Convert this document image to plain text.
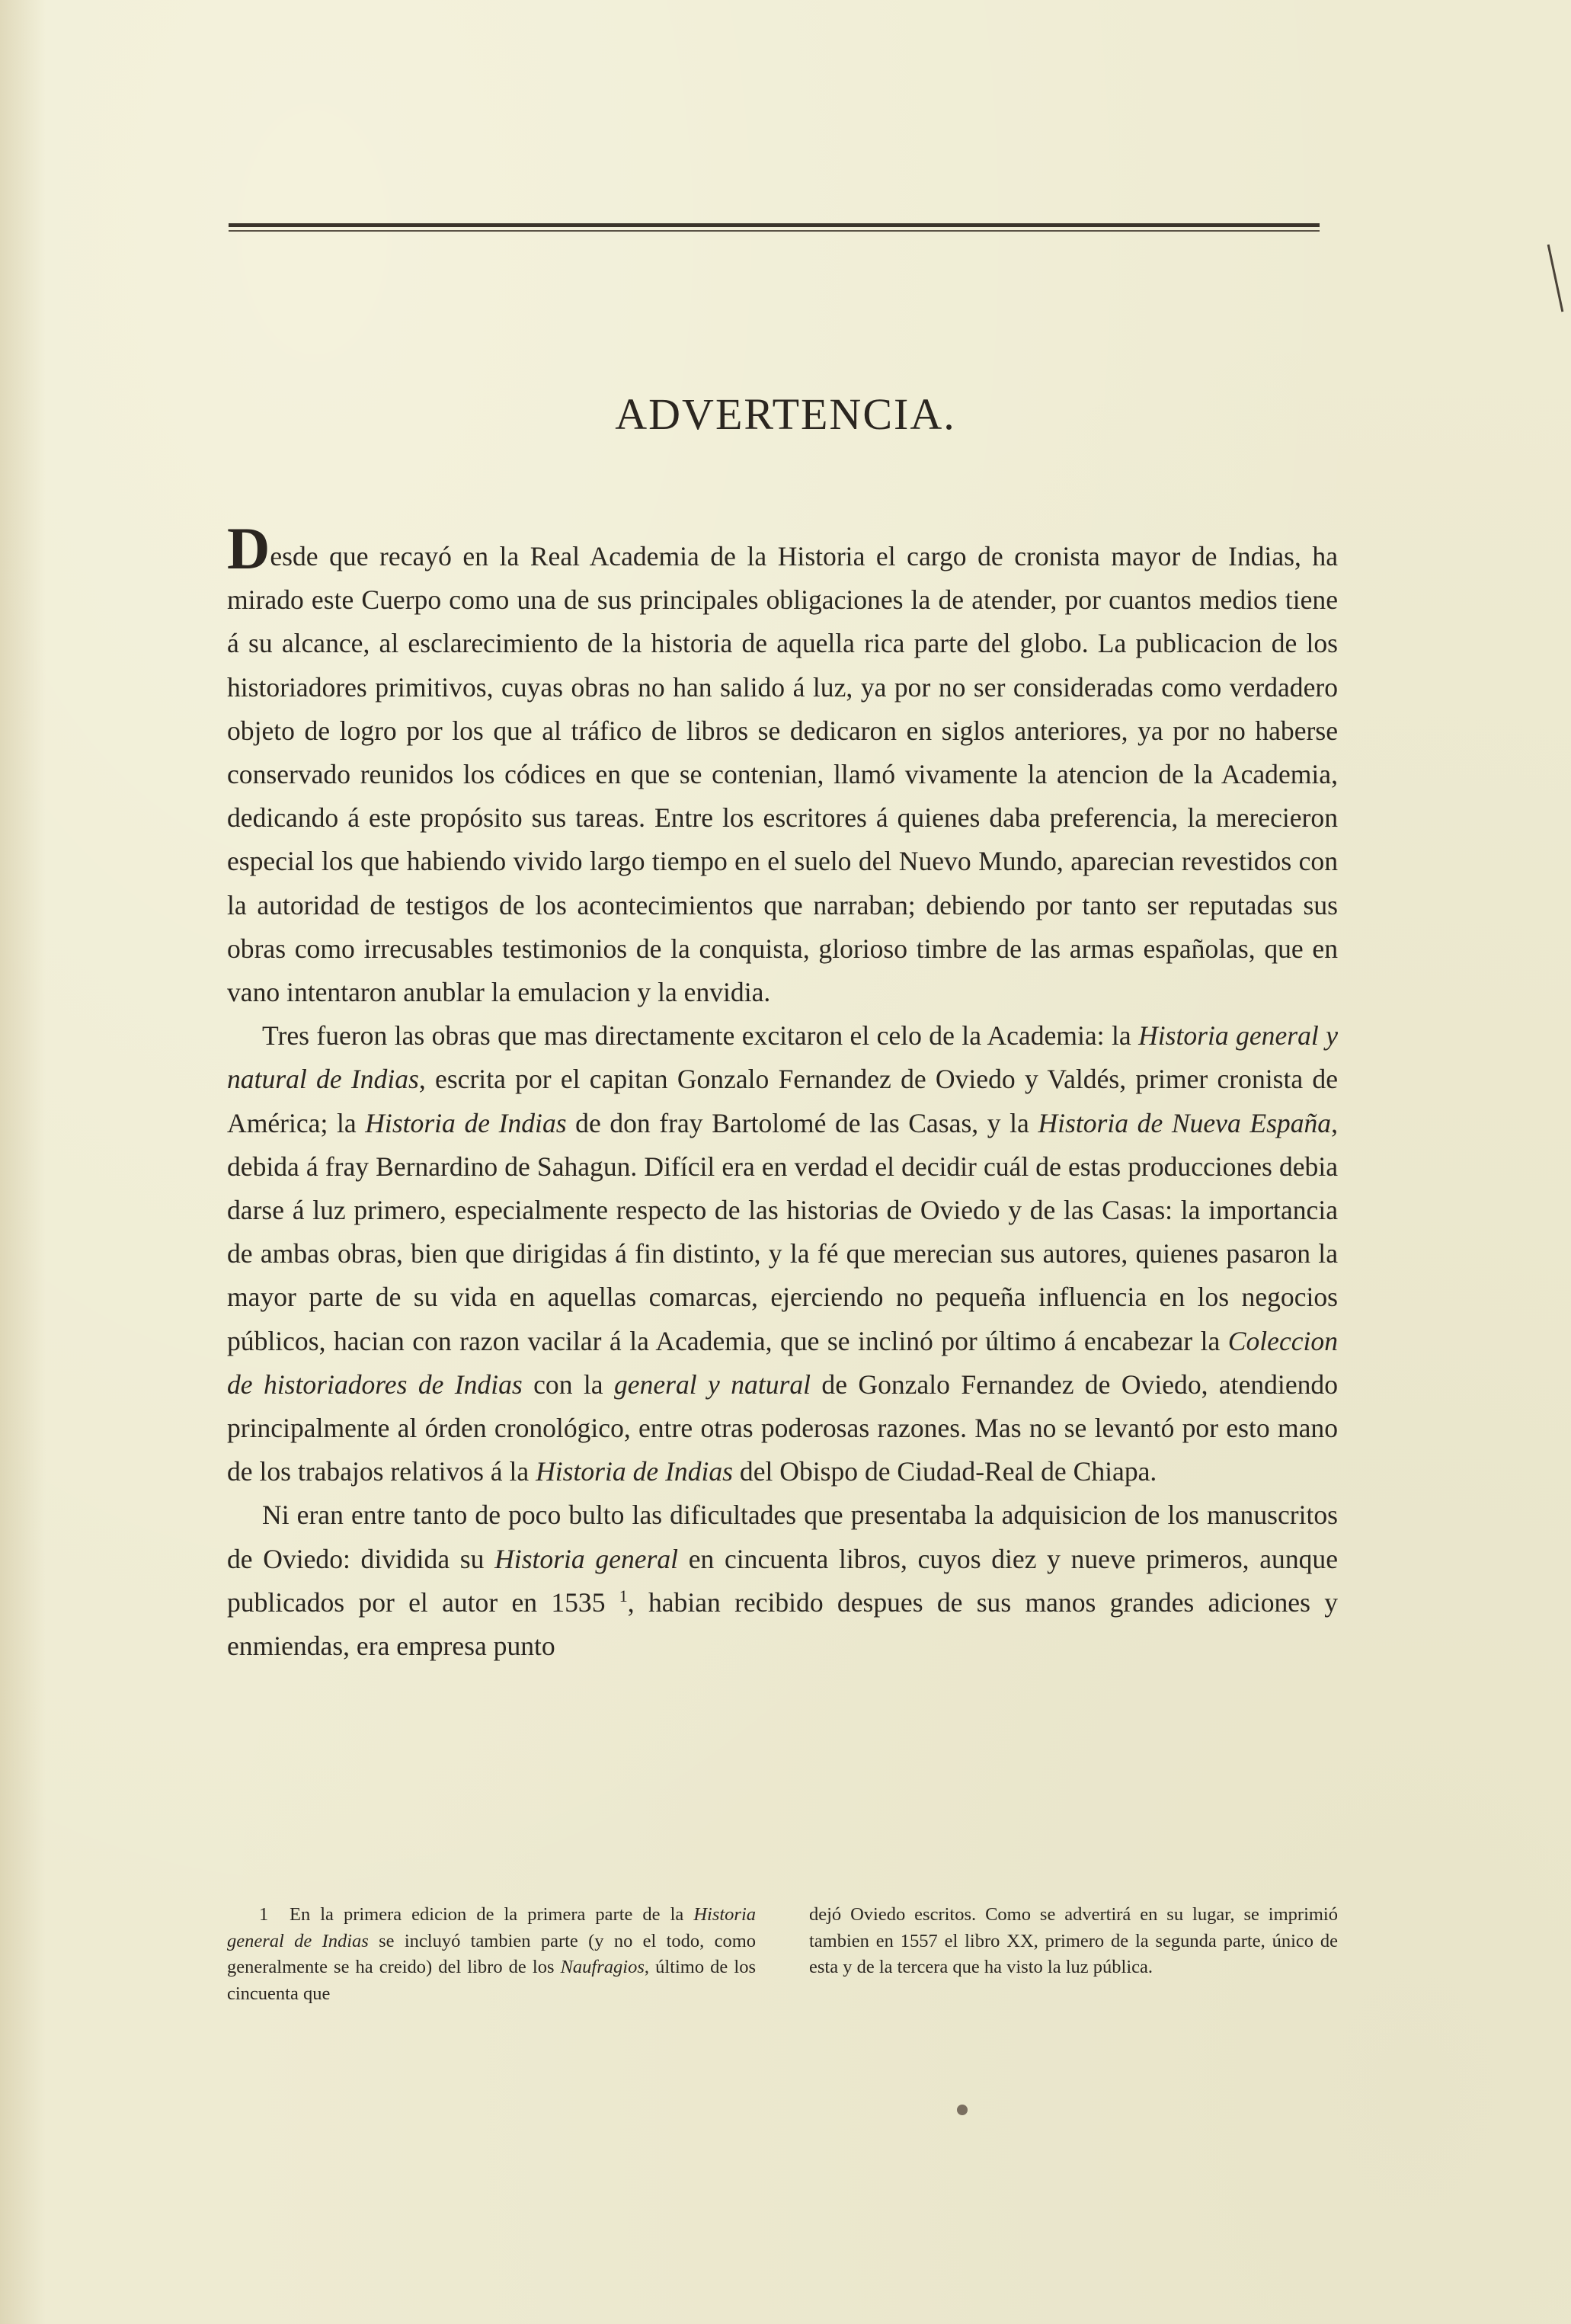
ADVERTENCIA.

Desde que recayó en la Real Academia de la Historia el cargo de cronista mayor de Indias, ha mirado este Cuerpo como una de sus principales obligaciones la de atender, por cuantos medios tiene á su alcance, al esclarecimiento de la historia de aquella rica parte del globo. La publicacion de los historiadores primitivos, cuyas obras no han salido á luz, ya por no ser consideradas como verdadero objeto de logro por los que al tráfico de libros se dedicaron en siglos anteriores, ya por no haberse conservado reunidos los códices en que se contenian, llamó vivamente la atencion de la Academia, dedicando á este propósito sus tareas. Entre los escritores á quienes daba preferencia, la merecieron especial los que habiendo vivido largo tiempo en el suelo del Nuevo Mundo, aparecian revestidos con la autoridad de testigos de los acontecimientos que narraban; debiendo por tanto ser reputadas sus obras como irrecusables testimonios de la conquista, glorioso timbre de las armas españolas, que en vano intentaron anublar la emulacion y la envidia.

Tres fueron las obras que mas directamente excitaron el celo de la Academia: la Historia general y natural de Indias, escrita por el capitan Gonzalo Fernandez de Oviedo y Valdés, primer cronista de América; la Historia de Indias de don fray Bartolomé de las Casas, y la Historia de Nueva España, debida á fray Bernardino de Sahagun. Difícil era en verdad el decidir cuál de estas producciones debia darse á luz primero, especialmente respecto de las historias de Oviedo y de las Casas: la importancia de ambas obras, bien que dirigidas á fin distinto, y la fé que merecian sus autores, quienes pasaron la mayor parte de su vida en aquellas comarcas, ejerciendo no pequeña influencia en los negocios públicos, hacian con razon vacilar á la Academia, que se inclinó por último á encabezar la Coleccion de historiadores de Indias con la general y natural de Gonzalo Fernandez de Oviedo, atendiendo principalmente al órden cronológico, entre otras poderosas razones. Mas no se levantó por esto mano de los trabajos relativos á la Historia de Indias del Obispo de Ciudad-Real de Chiapa.

Ni eran entre tanto de poco bulto las dificultades que presentaba la adquisicion de los manuscritos de Oviedo: dividida su Historia general en cincuenta libros, cuyos diez y nueve primeros, aunque publicados por el autor en 1535 $^1$, habian recibido despues de sus manos grandes adiciones y enmiendas, era empresa punto

1 En la primera edicion de la primera parte de la Historia general de Indias se incluyó tambien parte (y no el todo, como generalmente se ha creido) del libro de los Naufragios, último de los cincuenta que
dejó Oviedo escritos. Como se advertirá en su lugar, se imprimió tambien en 1557 el libro XX, primero de la segunda parte, único de esta y de la tercera que ha visto la luz pública.
